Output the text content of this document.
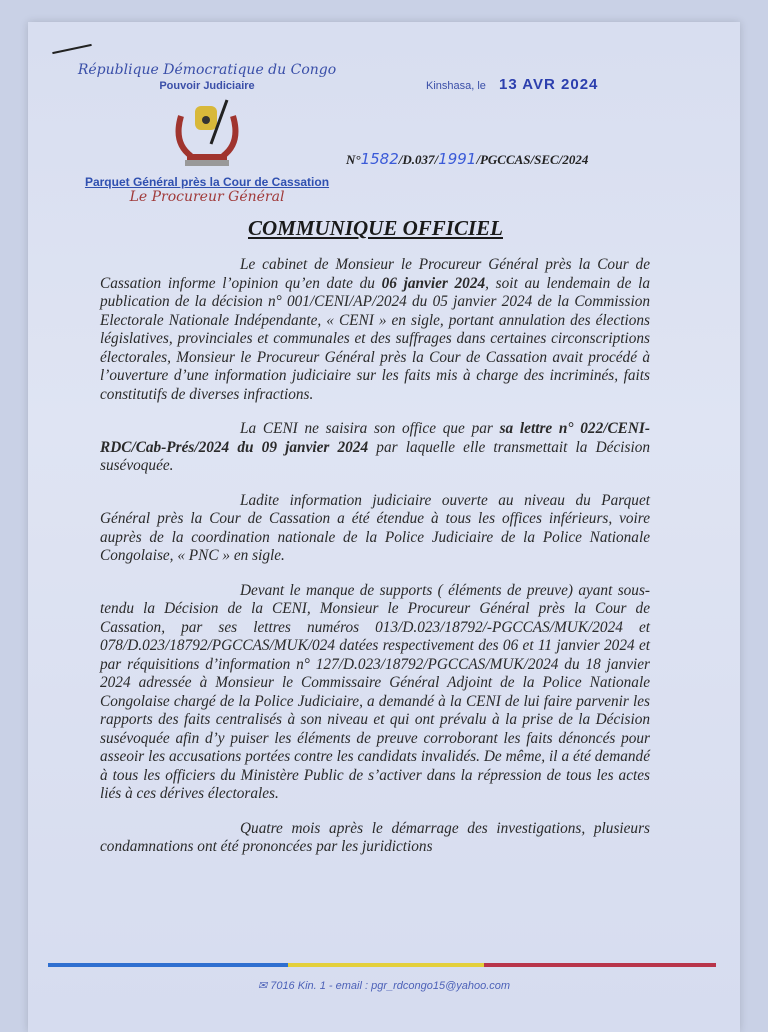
République Démocratique du Congo
Pouvoir Judiciaire
Parquet Général près la Cour de Cassation
Le Procureur Général
Kinshasa, le 13 AVR 2024
N°1582/D.037/1991/PGCCAS/SEC/2024
COMMUNIQUE OFFICIEL

Le cabinet de Monsieur le Procureur Général près la Cour de Cassation informe l’opinion qu’en date du 06 janvier 2024, soit au lendemain de la publication de la décision n° 001/CENI/AP/2024 du 05 janvier 2024 de la Commission Electorale Nationale Indépendante, « CENI » en sigle, portant annulation des élections législatives, provinciales et communales et des suffrages dans certaines circonscriptions électorales, Monsieur le Procureur Général près la Cour de Cassation avait procédé à l’ouverture d’une information judiciaire sur les faits mis à charge des incriminés, faits constitutifs de diverses infractions.

La CENI ne saisira son office que par sa lettre n° 022/CENI-RDC/Cab-Prés/2024 du 09 janvier 2024 par laquelle elle transmettait la Décision susévoquée.

Ladite information judiciaire ouverte au niveau du Parquet Général près la Cour de Cassation a été étendue à tous les offices inférieurs, voire auprès de la coordination nationale de la Police Judiciaire de la Police Nationale Congolaise, « PNC » en sigle.

Devant le manque de supports ( éléments de preuve) ayant sous-tendu la Décision de la CENI, Monsieur le Procureur Général près la Cour de Cassation, par ses lettres numéros 013/D.023/18792/-PGCCAS/MUK/2024 et 078/D.023/18792/PGCCAS/MUK/024 datées respectivement des 06 et 11 janvier 2024 et par réquisitions d’information n° 127/D.023/18792/PGCCAS/MUK/2024 du 18 janvier 2024 adressée à Monsieur le Commissaire Général Adjoint de la Police Nationale Congolaise chargé de la Police Judiciaire, a demandé à la CENI de lui faire parvenir les rapports des faits centralisés à son niveau et qui ont prévalu à la prise de la Décision susévoquée afin d’y puiser les éléments de preuve corroborant les faits dénoncés pour asseoir les accusations portées contre les candidats invalidés. De même, il a été demandé à tous les officiers du Ministère Public de s’activer dans la répression de tous les actes liés à ces dérives électorales.

Quatre mois après le démarrage des investigations, plusieurs condamnations ont été prononcées par les juridictions

✉ 7016 Kin. 1 - email : pgr_rdcongo15@yahoo.com
